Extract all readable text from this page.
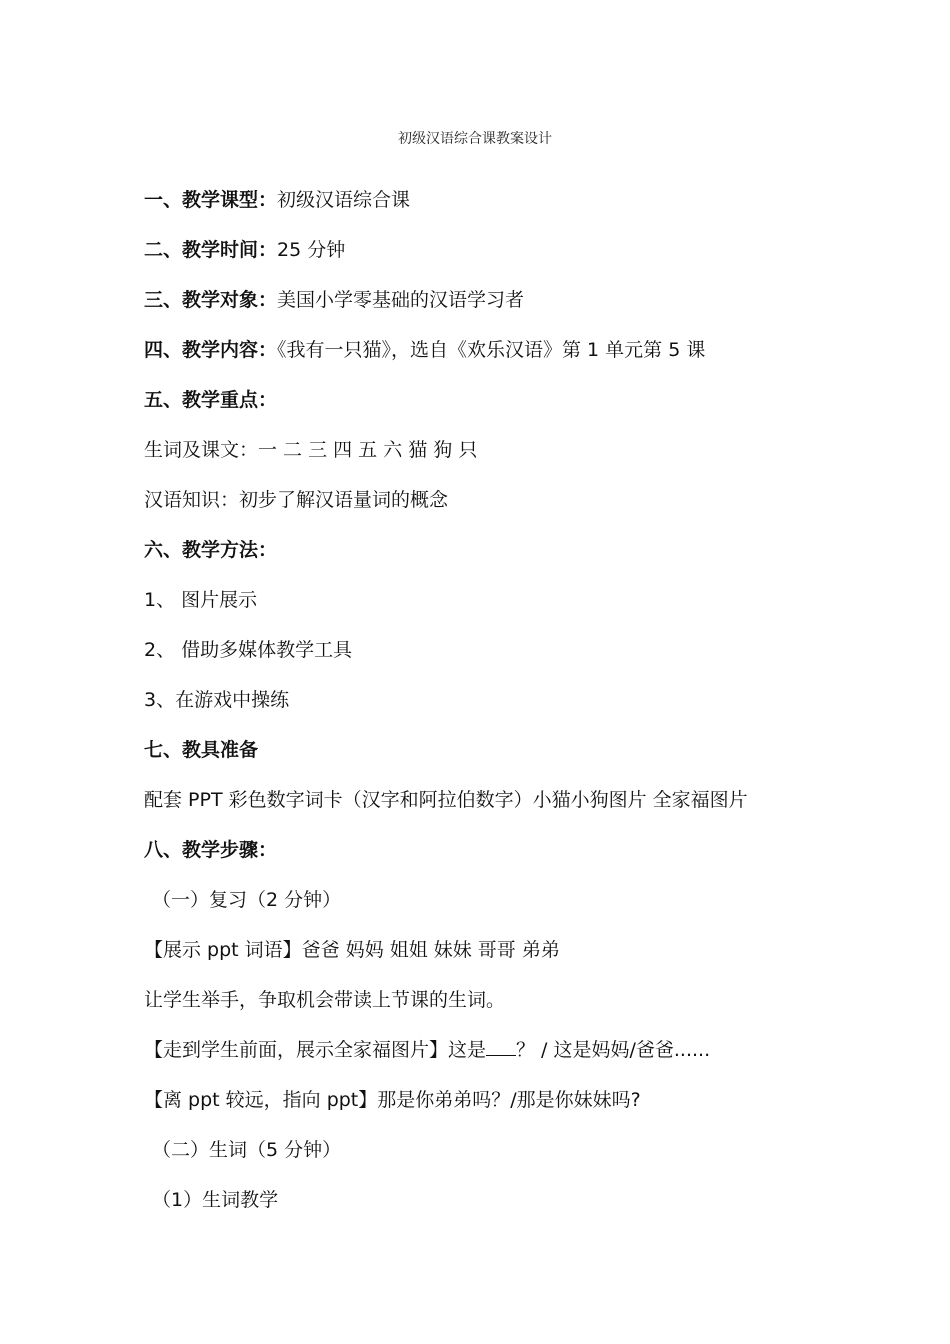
初级汉语综合课教案设计
一、教学课型：初级汉语综合课
二、教学时间：25 分钟
三、教学对象：美国小学零基础的汉语学习者
四、教学内容：《我有一只猫》，选自《欢乐汉语》第 1 单元第 5 课
五、教学重点：
生词及课文：一 二 三 四 五 六 猫 狗 只
汉语知识：初步了解汉语量词的概念
六、教学方法：
1、 图片展示
2、 借助多媒体教学工具
3、在游戏中操练
七、教具准备
配套 PPT 彩色数字词卡（汉字和阿拉伯数字）小猫小狗图片 全家福图片
八、教学步骤：
（一）复习（2 分钟）
【展示 ppt 词语】爸爸 妈妈 姐姐 妹妹 哥哥 弟弟
让学生举手，争取机会带读上节课的生词。
【走到学生前面，展示全家福图片】这是 ？ / 这是妈妈/爸爸......
【离 ppt 较远，指向 ppt】那是你弟弟吗？/那是你妹妹吗?
（二）生词（5 分钟）
（1）生词教学
